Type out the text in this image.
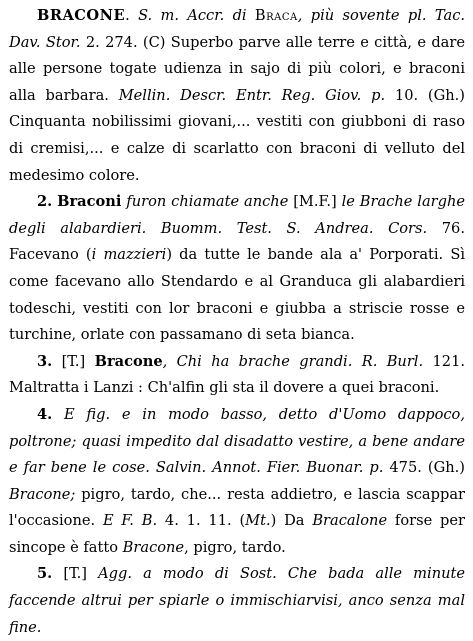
BRACONE. S. m. Accr. di Braca, più sovente pl. Tac. Dav. Stor. 2. 274. (C) Superbo parve alle terre e città, e dare alle persone togate udienza in sajo di più colori, e braconi alla barbara. Mellin. Descr. Entr. Reg. Giov. p. 10. (Gh.) Cinquanta nobilissimi giovani,... vestiti con giubboni di raso di cremisi,... e calze di scarlatto con braconi di velluto del medesimo colore.
2. Braconi furon chiamate anche [M.F.] le Brache larghe degli alabardieri. Buomm. Test. S. Andrea. Cors. 76. Facevano (i mazzieri) da tutte le bande ala a' Porporati. Sì come facevano allo Stendardo e al Granduca gli alabardieri todeschi, vestiti con lor braconi e giubba a striscie rosse e turchine, orlate con passamano di seta bianca.
3. [T.] Bracone, Chi ha brache grandi. R. Burl. 121. Maltratta i Lanzi : Ch'alfin gli sta il dovere a quei braconi.
4. E fig. e in modo basso, detto d'Uomo dappoco, poltrone; quasi impedito dal disadatto vestire, a bene andare e far bene le cose. Salvin. Annot. Fier. Buonar. p. 475. (Gh.) Bracone; pigro, tardo, che... resta addietro, e lascia scappar l'occasione. E F. B. 4. 1. 11. (Mt.) Da Bracalone forse per sincope è fatto Bracone, pigro, tardo.
5. [T.] Agg. a modo di Sost. Che bada alle minute faccende altrui per spiarle o immischiarvisi, anco senza mal fine.
